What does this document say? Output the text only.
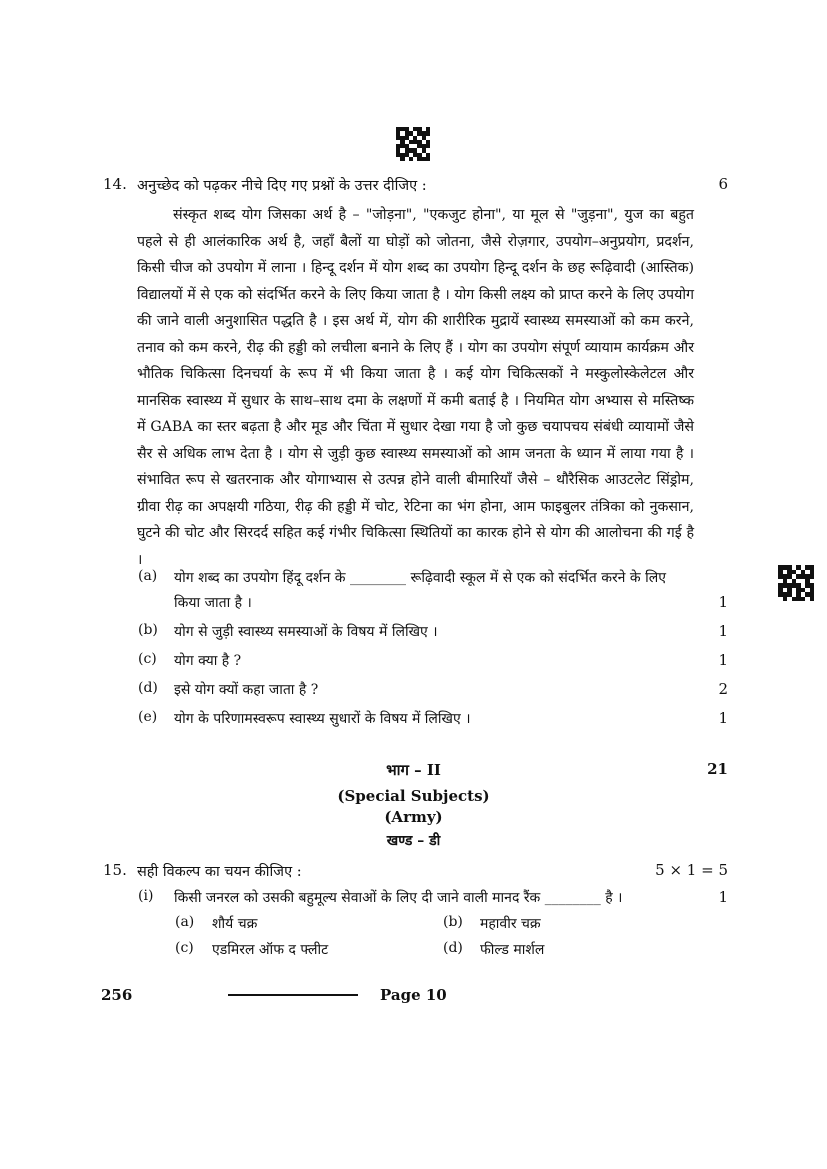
14. अनुच्छेद को पढ़कर नीचे दिए गए प्रश्नों के उत्तर दीजिए :	6
संस्कृत शब्द योग जिसका अर्थ है – "जोड़ना", "एकजुट होना", या मूल से "जुड़ना", युज का बहुत पहले से ही आलंकारिक अर्थ है, जहाँ बैलों या घोड़ों को जोतना, जैसे रोज़गार, उपयोग–अनुप्रयोग, प्रदर्शन, किसी चीज को उपयोग में लाना । हिन्दू दर्शन में योग शब्द का उपयोग हिन्दू दर्शन के छह रूढ़िवादी (आस्तिक) विद्यालयों में से एक को संदर्भित करने के लिए किया जाता है । योग किसी लक्ष्य को प्राप्त करने के लिए उपयोग की जाने वाली अनुशासित पद्धति है । इस अर्थ में, योग की शारीरिक मुद्रायें स्वास्थ्य समस्याओं को कम करने, तनाव को कम करने, रीढ़ की हड्डी को लचीला बनाने के लिए हैं । योग का उपयोग संपूर्ण व्यायाम कार्यक्रम और भौतिक चिकित्सा दिनचर्या के रूप में भी किया जाता है । कई योग चिकित्सकों ने मस्कुलोस्केलेटल और मानसिक स्वास्थ्य में सुधार के साथ–साथ दमा के लक्षणों में कमी बताई है । नियमित योग अभ्यास से मस्तिष्क में GABA का स्तर बढ़ता है और मूड और चिंता में सुधार देखा गया है जो कुछ चयापचय संबंधी व्यायामों जैसे सैर से अधिक लाभ देता है । योग से जुड़ी कुछ स्वास्थ्य समस्याओं को आम जनता के ध्यान में लाया गया है । संभावित रूप से खतरनाक और योगाभ्यास से उत्पन्न होने वाली बीमारियाँ जैसे – थौरैसिक आउटलेट सिंड्रोम, ग्रीवा रीढ़ का अपक्षयी गठिया, रीढ़ की हड्डी में चोट, रेटिना का भंग होना, आम फाइबुलर तंत्रिका को नुकसान, घुटने की चोट और सिरदर्द सहित कई गंभीर चिकित्सा स्थितियों का कारक होने से योग की आलोचना की गई है ।
(a) योग शब्द का उपयोग हिंदू दर्शन के ________ रूढ़िवादी स्कूल में से एक को संदर्भित करने के लिए
किया जाता है ।	1
(b) योग से जुड़ी स्वास्थ्य समस्याओं के विषय में लिखिए ।	1
(c) योग क्या है ?	1
(d) इसे योग क्यों कहा जाता है ?	2
(e) योग के परिणामस्वरूप स्वास्थ्य सुधारों के विषय में लिखिए ।	1
भाग – II	21
(Special Subjects)
(Army)
खण्ड – डी
15. सही विकल्प का चयन कीजिए :	5 × 1 = 5
(i) किसी जनरल को उसकी बहुमूल्य सेवाओं के लिए दी जाने वाली मानद रैंक ________ है ।	1
(a) शौर्य चक्र	(b) महावीर चक्र
(c) एडमिरल ऑफ द फ्लीट	(d) फील्ड मार्शल
256	Page 10
